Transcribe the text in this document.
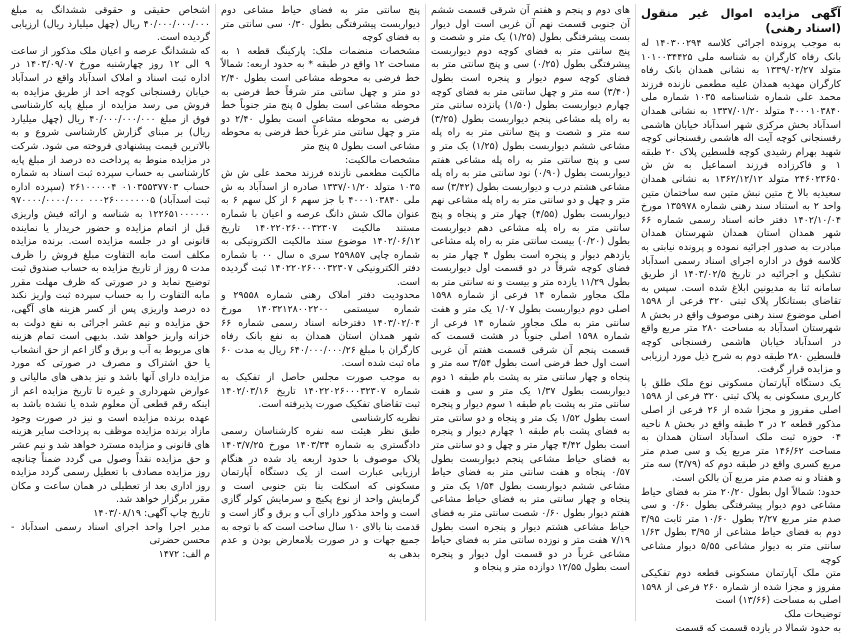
آگهی مزایده اموال غیر منقول (اسناد رهنی)

به موجب پرونده اجرائی کلاسه ۱۴۰۳۰۰۲۹۴ له بانک رفاه کارگران به شناسه ملی ۱۰۱۰۰۳۴۴۲۵ متولد ۱۳۳۹/۰۲/۲۷ به نشانی همدان بانک رفاه کارگران مهدیه همدان علیه مطعمی نازنده فرزند محمد علی شماره شناسنامه ۱۰۳۵ شماره ملی ۴۰۰۰۱۰۳۸۴۰ متولد ۱۳۳۷/۰۱/۲۰ به نشانی همدان اسدآباد بخش مرکزی شهر اسدآباد خیابان هاشمی رفسنجانی کوچه آیت اله هاشمی رفسنجانی کوچه شهید بهرام رشیدی کوچه فلسطین پلاک ۲۰ طبقه ۱ و فاکرزاده فرزند اسماعیل به ش ش ۲۴۶۰۲۳۶۵۰ متولد ۱۳۶۲/۱۲/۱۲ به نشانی همدان سعیدیه بالا خ متین نبش متین سه ساختمان متین واحد ۲ به استناد سند رهنی شماره ۱۳۵۹۷۸ مورخ ۱۴۰۲/۱۰/۰۴ دفتر خانه اسناد رسمی شماره ۶۶ شهر همدان استان همدان شهرستان همدان مبادرت به صدور اجرائیه نموده و پرونده نیابتی به کلاسه فوق در اداره اجرای اسناد رسمی اسدآباد تشکیل و اجرائیه در تاریخ ۱۴۰۳/۰۲/۵ از طریق سامانه ثنا به مدیونین ابلاغ شده است. سپس به تقاضای بستانکار پلاک ثبتی ۳۲۰ فرعی از ۱۵۹۸ اصلی موضوع سند رهنی موصوف واقع در بخش ۸ شهرستان اسدآباد به مساحت ۲۸۰ متر مربع واقع در اسدآباد خیابان هاشمی رفسنجانی کوچه فلسطین ۲۸۰ طبقه دوم به شرح ذیل مورد ارزیابی و مزایده قرار گرفت.

یک دستگاه آپارتمان مسکونی نوع ملک طلق با کاربری مسکونی به پلاک ثبتی ۳۲۰ فرعی از ۱۵۹۸ اصلی مفروز و مجزا شده از ۲۶ فرعی از اصلی مذکور قطعه ۲ در ۳ طبقه واقع در بخش ۸ ناحیه ۰۴ حوزه ثبت ملک اسدآباد استان همدان به مساحت ۱۴۶/۶۲ متر مربع یک و سی صدم متر مربع کسری واقع در طبقه دوم که (۳/۷۹) سه متر و هفتاد و نه صدم متر مربع آن بالکن است.

حدود: شمالاً اول بطول ۲۰/۲۰ متر به فضای حیاط مشاعی دوم دیوار پیشرفتگی بطول ۰/۶۰ و سی صدم متر مربع ۲/۲۷ بطول ۱۰/۶۰ متر ثابت ۳/۹۵ دوم به فضای حیاط مشاعی از ۳/۹۵ بطول ۱/۶۳ سانتی متر به دیوار مشاعی ۵/۵۵ دیوار مشاعی کوچه

متن ملک آپارتمان مسکونی قطعه دوم تفکیکی مفروز و مجزا شده از شماره ۲۶۰ فرعی از ۱۵۹۸ اصلی به مساحت (۱۳/۶۶) است

توضیحات ملک

به حدود شمالا در یازده قسمت که قسمت

های دوم و پنجم و هفتم آن شرقی قسمت ششم آن جنوبی قسمت نهم آن غربی است اول دیوار بست پیشرفتگی بطول (۱/۲۵) یک متر و شصت و پنج سانتی متر به فضای کوچه دوم دیواربست پیشرفتگی بطول (۰/۲۵) سی و پنج سانتی متر به فضای کوچه سوم دیوار و پنجره است بطول (۳/۴۰) سه متر و چهل سانتی متر به فضای کوچه چهارم دیواربست بطول (۱/۵۰) پانزده سانتی متر به راه پله مشاعی پنجم دیواربست بطول (۳/۲۵) سه متر و شصت و پنج سانتی متر به راه پله مشاعی ششم دیواربست بطول (۱/۲۵) یک متر و سی و پنج سانتی متر به راه پله مشاعی هفتم دیواربست بطول (۰/۹۰) نود سانتی متر به راه پله مشاعی هشتم درب و دیواربست بطول (۳/۴۲) سه متر و چهل و دو سانتی متر به راه پله مشاعی نهم دیواربست بطول (۴/۵۵) چهار متر و پنجاه و پنج سانتی متر به راه پله مشاعی دهم دیواربست بطول (۰/۲۰) بیست سانتی متر به راه پله مشاعی یازدهم دیوار و پنجره است بطول ۴ چهار متر به فضای کوچه شرقاً در دو قسمت اول دیواربست بطول ۱۱/۲۹ یازده متر و بیست و نه سانتی متر به ملک مجاور شماره ۱۴ فرعی از شماره ۱۵۹۸ اصلی دوم دیواربست بطول ۱/۰۷ یک متر و هفت سانتی متر به ملک مجاور شماره ۱۴ فرعی از شماره ۱۵۹۸ اصلی جنوباً در هشت قسمت که قسمت پنجم آن شرقی قسمت هفتم آن غربی است اول خط فرضی است بطول ۳/۵۴ سه متر و پنجاه و چهار سانتی متر به پشت بام طبقه ۱ دوم دیواربست بطول ۱/۳۷ یک متر و سی و هفت سانتی متر به پشت بام طبقه ۱ سوم دیوار و پنجره است بطول ۱/۵۲ یک متر و پنجاه و دو سانتی متر به فضای پشت بام طبقه ۱ چهارم دیوار و پنجره است بطول ۴/۴۲ چهار متر و چهل و دو سانتی متر به فضای حیاط مشاعی پنجم دیواربست بطول ۰/۵۷ پنجاه و هفت سانتی متر به فضای حیاط مشاعی ششم دیواربست بطول ۱/۵۴ یک متر و پنجاه و چهار سانتی متر به فضای حیاط مشاعی هفتم دیوار بطول ۰/۶۰ شصت سانتی متر به فضای حیاط مشاعی هشتم دیوار و پنجره است بطول ۷/۱۹ هفت متر و نوزده سانتی متر به فضای حیاط مشاعی غرباً در دو قسمت اول دیوار و پنجره است بطول ۱۲/۵۵ دوازده متر و پنجاه و

پنج سانتی متر به فضای حیاط مشاعی دوم دیواربست پیشرفتگی بطول ۰/۳۰ سی سانتی متر به فضای کوچه

مشخصات منضمات ملک: پارکینگ قطعه ۱ به مساحت ۱۲ واقع در طبقه * به حدود اربعه: شمالاً خط فرضی به محوطه مشاعی است بطول ۲/۴۰ دو متر و چهل سانتی متر شرقاً خط فرضی به محوطه مشاعی است بطول ۵ پنج متر جنوباً خط فرضی به محوطه مشاعی است بطول ۲/۴۰ دو متر و چهل سانتی متر غرباً خط فرضی به محوطه مشاعی است بطول ۵ پنج متر

مشخصات مالکیت:

مالکیت مطعمی نازنده فرزند محمد علی ش ش ۱۰۳۵ متولد ۱۳۳۷/۰۱/۲۰ صادره از اسدآباد به ش ملی ۴۰۰۰۱۰۳۸۴۰ با جز سهم ۶ از کل سهم ۶ به عنوان مالک شش دانگ عرصه و اعیان با شماره مستند مالکیت ۱۴۰۲۲۰۲۶۰۰۰۳۲۳۰۷ تاریخ ۱۴۰۲/۰۶/۱۲ موضوع سند مالکیت الکترونیکی به شماره چاپی ۲۵۹۸۵۷ سری ه سال ۰۰ با شماره دفتر الکترونیکی ۱۴۰۲۲۰۲۶۰۰۰۳۲۳۰۷ ثبت گردیده است.

محدودیت دفتر املاک رهنی شماره ۲۹۵۵۸ و شماره سیستمی ۱۴۰۳۲۱۲۸۰۰۲۲۰۰ مورخ ۱۴۰۳/۰۲/۰۴ دفترخانه اسناد رسمی شماره ۶۶ شهر همدان استان همدان به نفع بانک رفاه کارگران با مبلغ ۶۴۰/۰۰۰/۰۰۰/۲۶ ریال به مدت ۶۰ ماه ثبت شده است.

به موجب صورت مجلس حاصل از تفکیک به شماره ۱۴۰۲۲۰۲۶۰۰۰۳۲۳۰۷ تاریخ ۱۴۰۲/۰۳/۱۶ ثبت تقاضای تفکیک صورت پذیرفته است.

نظریه کارشناسی

طبق نظر هیئت سه نفره کارشناسان رسمی دادگستری به شماره ۱۴۰۳/۳۴ مورخ ۱۴۰۳/۷/۲۵ پلاک موصوف با حدود اربعه یاد شده در هنگام ارزیابی عبارت است از یک دستگاه آپارتمان مسکونی که اسکلت بنا بتن جنوبی است و گرمایش واحد از نوع پکیج و سرمایش کولر گازی است و واحد مذکور دارای آب و برق و گاز است و قدمت بنا بالای ۱۰ سال ساخت است که با توجه به جمیع جهات و در صورت بلامعارض بودن و عدم بدهی به

اشخاص حقیقی و حقوقی ششدانگ به مبلغ ۴۰/۰۰۰/۰۰۰/۰۰۰ ریال (چهل میلیارد ریال) ارزیابی گردیده است.

که ششدانگ عرصه و اعیان ملک مذکور از ساعت ۹ الی ۱۲ روز چهارشنبه مورخ ۱۴۰۳/۰۹/۰۷ در اداره ثبت اسناد و املاک اسدآباد واقع در اسدآباد خیابان رفسنجانی کوچه احد از طریق مزایده به فروش می رسد مزایده از مبلغ پایه کارشناسی فوق از مبلغ ۴۰/۰۰۰/۰۰۰/۰۰۰ ریال (چهل میلیارد ریال) بر مبنای گزارش کارشناسی شروع و به بالاترین قیمت پیشنهادی فروخته می شود. شرکت در مزایده منوط به پرداخت ده درصد از مبلغ پایه کارشناسی به حساب سپرده ثبت اسناد به شماره حساب ۰۱۰۳۵۵۳۷۷۰۳ ۲۶۱۰۰۰۰۰۴ (سپرده اداره ثبت اسدآباد) ۰۰۰۲۶۰۰۰۰۰۰۰۵ ۹۷۰۰۰۰/۰۰۰۰/۰۰۰ ۱۲۲۶۵۱۰۰۰۰۰۰ به شناسه و ارائه فیش واریزی قبل از اتمام مزایده و حضور خریدار یا نماینده قانونی او در جلسه مزایده است. برنده مزایده مکلف است مابه التفاوت مبلغ فروش را ظرف مدت ۵ روز از تاریخ مزایده به حساب صندوق ثبت توضیح نماید و در صورتی که ظرف مهلت مقرر مابه التفاوت را به حساب سپرده ثبت واریز نکند ده درصد واریزی پس از کسر هزینه های آگهی، حق مزایده و نیم عشر اجرائی به نفع دولت به خزانه واریز خواهد شد. بدیهی است تمام هزینه های مربوط به آب و برق و گاز اعم از حق انشعاب یا حق اشتراک و مصرف در صورتی که مورد مزایده دارای آنها باشد و نیز بدهی های مالیاتی و عوارض شهرداری و غیره تا تاریخ مزایده اعم از اینکه رقم قطعی آن معلوم شده یا نشده باشد به عهده برنده مزایده است و نیز در صورت وجود مازاد برنده مزایده موظف به پرداخت سایر هزینه های قانونی و مزایده مسترد خواهد شد و نیم عشر و حق مزایده نقداً وصول می گردد ضمناً چنانچه روز مزایده مصادف با تعطیل رسمی گردد مزایده روز اداری بعد از تعطیلی در همان ساعت و مکان مقرر برگزار خواهد شد.

تاریخ چاپ آگهی: ۱۴۰۳/۰۸/۱۹

مدیر اجرا واحد اجرای اسناد رسمی اسدآباد - محسن حضرتی

م الف: ۱۴۷۲
